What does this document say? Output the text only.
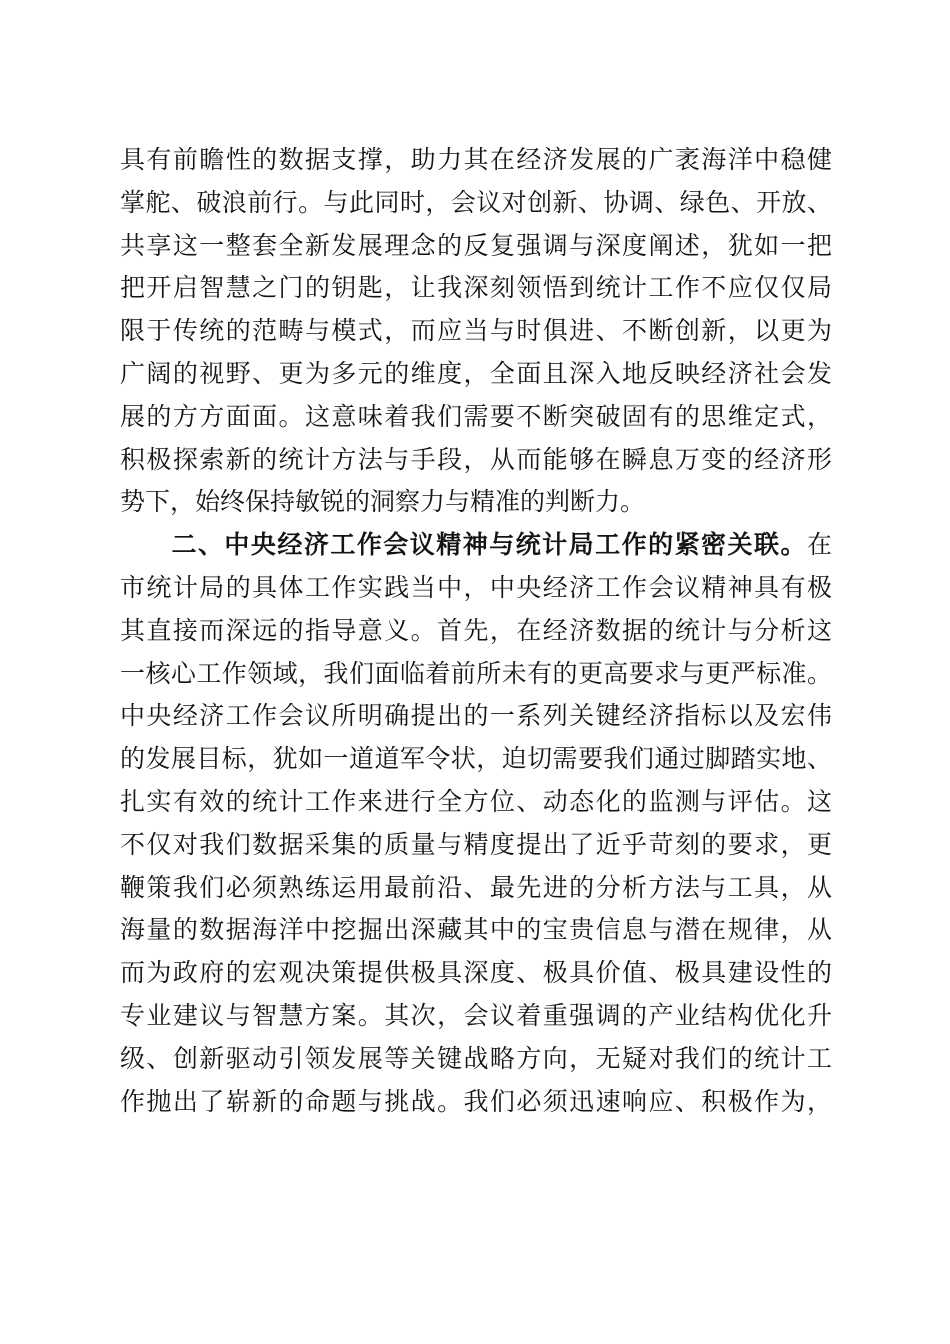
具有前瞻性的数据支撑，助力其在经济发展的广袤海洋中稳健
掌舵、破浪前行。与此同时，会议对创新、协调、绿色、开放、
共享这一整套全新发展理念的反复强调与深度阐述，犹如一把
把开启智慧之门的钥匙，让我深刻领悟到统计工作不应仅仅局
限于传统的范畴与模式，而应当与时俱进、不断创新，以更为
广阔的视野、更为多元的维度，全面且深入地反映经济社会发
展的方方面面。这意味着我们需要不断突破固有的思维定式，
积极探索新的统计方法与手段，从而能够在瞬息万变的经济形
势下，始终保持敏锐的洞察力与精准的判断力。
二、中央经济工作会议精神与统计局工作的紧密关联。在
市统计局的具体工作实践当中，中央经济工作会议精神具有极
其直接而深远的指导意义。首先，在经济数据的统计与分析这
一核心工作领域，我们面临着前所未有的更高要求与更严标准。
中央经济工作会议所明确提出的一系列关键经济指标以及宏伟
的发展目标，犹如一道道军令状，迫切需要我们通过脚踏实地、
扎实有效的统计工作来进行全方位、动态化的监测与评估。这
不仅对我们数据采集的质量与精度提出了近乎苛刻的要求，更
鞭策我们必须熟练运用最前沿、最先进的分析方法与工具，从
海量的数据海洋中挖掘出深藏其中的宝贵信息与潜在规律，从
而为政府的宏观决策提供极具深度、极具价值、极具建设性的
专业建议与智慧方案。其次，会议着重强调的产业结构优化升
级、创新驱动引领发展等关键战略方向，无疑对我们的统计工
作抛出了崭新的命题与挑战。我们必须迅速响应、积极作为，
